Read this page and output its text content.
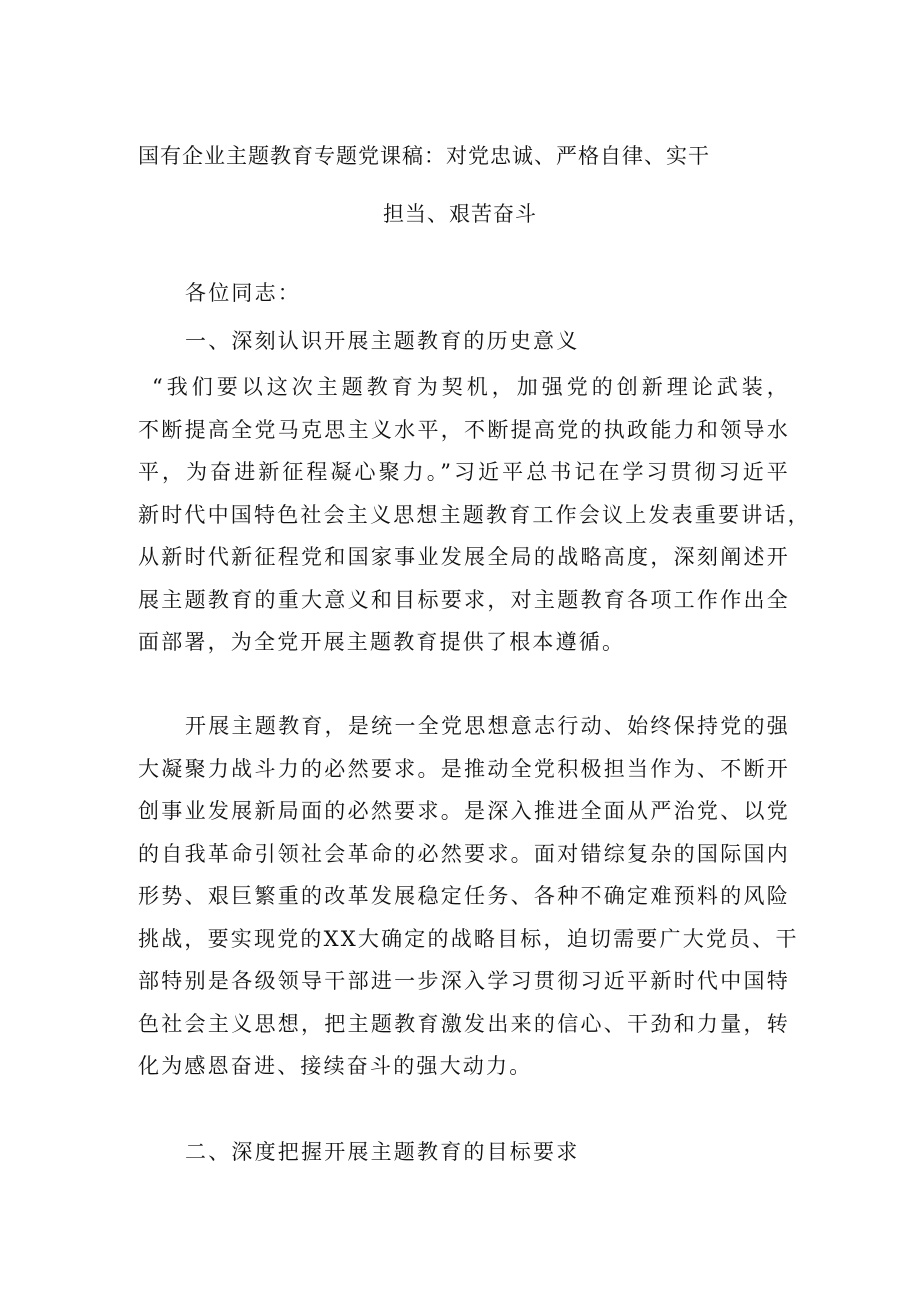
国有企业主题教育专题党课稿：对党忠诚、严格自律、实干
担当、艰苦奋斗
各位同志：
一、深刻认识开展主题教育的历史意义
“我们要以这次主题教育为契机，加强党的创新理论武装，
不断提高全党马克思主义水平，不断提高党的执政能力和领导水
平，为奋进新征程凝心聚力。”习近平总书记在学习贯彻习近平
新时代中国特色社会主义思想主题教育工作会议上发表重要讲话，
从新时代新征程党和国家事业发展全局的战略高度，深刻阐述开
展主题教育的重大意义和目标要求，对主题教育各项工作作出全
面部署，为全党开展主题教育提供了根本遵循。
开展主题教育，是统一全党思想意志行动、始终保持党的强
大凝聚力战斗力的必然要求。是推动全党积极担当作为、不断开
创事业发展新局面的必然要求。是深入推进全面从严治党、以党
的自我革命引领社会革命的必然要求。面对错综复杂的国际国内
形势、艰巨繁重的改革发展稳定任务、各种不确定难预料的风险
挑战，要实现党的XX大确定的战略目标，迫切需要广大党员、干
部特别是各级领导干部进一步深入学习贯彻习近平新时代中国特
色社会主义思想，把主题教育激发出来的信心、干劲和力量，转
化为感恩奋进、接续奋斗的强大动力。
二、深度把握开展主题教育的目标要求
